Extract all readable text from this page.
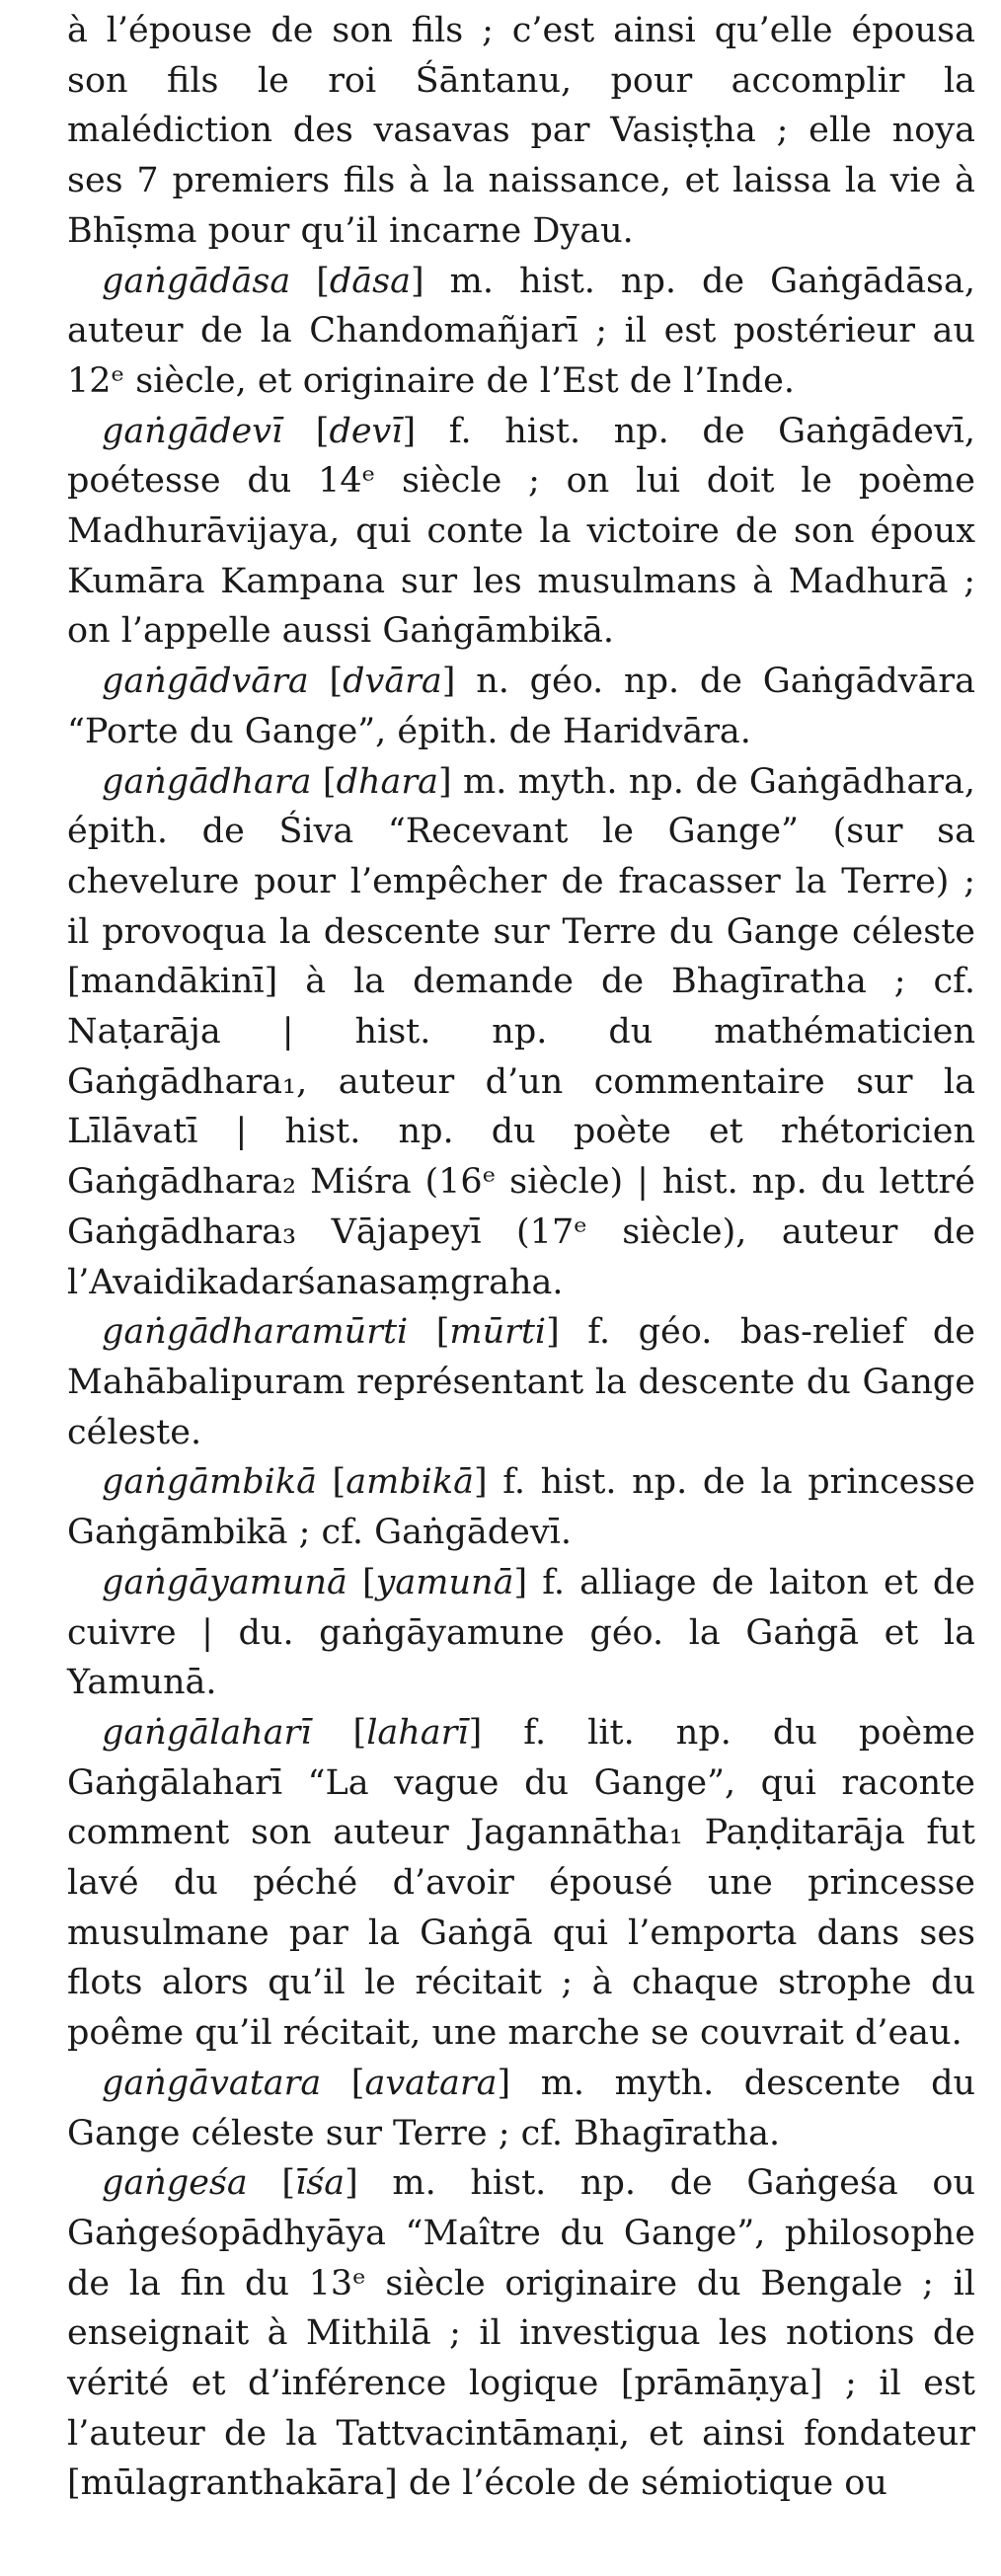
à l’épouse de son fils ; c’est ainsi qu’elle épousa son fils le roi Śāntanu, pour accomplir la malédiction des vasavas par Vasiṣṭha ; elle noya ses 7 premiers fils à la naissance, et laissa la vie à Bhīṣma pour qu’il incarne Dyau.

gaṅgādāsa [dāsa] m. hist. np. de Gaṅgādāsa, auteur de la Chandomañjarī ; il est postérieur au 12ᵉ siècle, et originaire de l’Est de l’Inde.

gaṅgādevī [devī] f. hist. np. de Gaṅgādevī, poétesse du 14ᵉ siècle ; on lui doit le poème Madhurāvijaya, qui conte la victoire de son époux Kumāra Kampana sur les musulmans à Madhurā ; on l’appelle aussi Gaṅgāmbikā.

gaṅgādvāra [dvāra] n. géo. np. de Gaṅgādvāra “Porte du Gange”, épith. de Haridvāra.

gaṅgādhara [dhara] m. myth. np. de Gaṅgādhara, épith. de Śiva “Recevant le Gange” (sur sa chevelure pour l’empêcher de fracasser la Terre) ; il provoqua la descente sur Terre du Gange céleste [mandākinī] à la demande de Bhagīratha ; cf. Naṭarāja | hist. np. du mathématicien Gaṅgādhara₁, auteur d’un commentaire sur la Līlāvatī | hist. np. du poète et rhétoricien Gaṅgādhara₂ Miśra (16ᵉ siècle) | hist. np. du lettré Gaṅgādhara₃ Vājapeyī (17ᵉ siècle), auteur de l’Avaidikadarśanasaṃgraha.

gaṅgādharamūrti [mūrti] f. géo. bas-relief de Mahābalipuram représentant la descente du Gange céleste.

gaṅgāmbikā [ambikā] f. hist. np. de la princesse Gaṅgāmbikā ; cf. Gaṅgādevī.

gaṅgāyamunā [yamunā] f. alliage de laiton et de cuivre | du. gaṅgāyamune géo. la Gaṅgā et la Yamunā.

gaṅgālaharī [laharī] f. lit. np. du poème Gaṅgālaharī “La vague du Gange”, qui raconte comment son auteur Jagannātha₁ Paṇḍitarāja fut lavé du péché d’avoir épousé une princesse musulmane par la Gaṅgā qui l’emporta dans ses flots alors qu’il le récitait ; à chaque strophe du poême qu’il récitait, une marche se couvrait d’eau.

gaṅgāvatara [avatara] m. myth. descente du Gange céleste sur Terre ; cf. Bhagīratha.

gaṅgeśa [īśa] m. hist. np. de Gaṅgeśa ou Gaṅgeśopādhyāya “Maître du Gange”, philosophe de la fin du 13ᵉ siècle originaire du Bengale ; il enseignait à Mithilā ; il investigua les notions de vérité et d’inférence logique [prāmāṇya] ; il est l’auteur de la Tattvacintāmaṇi, et ainsi fondateur [mūlagranthakāra] de l’école de sémiotique ou
